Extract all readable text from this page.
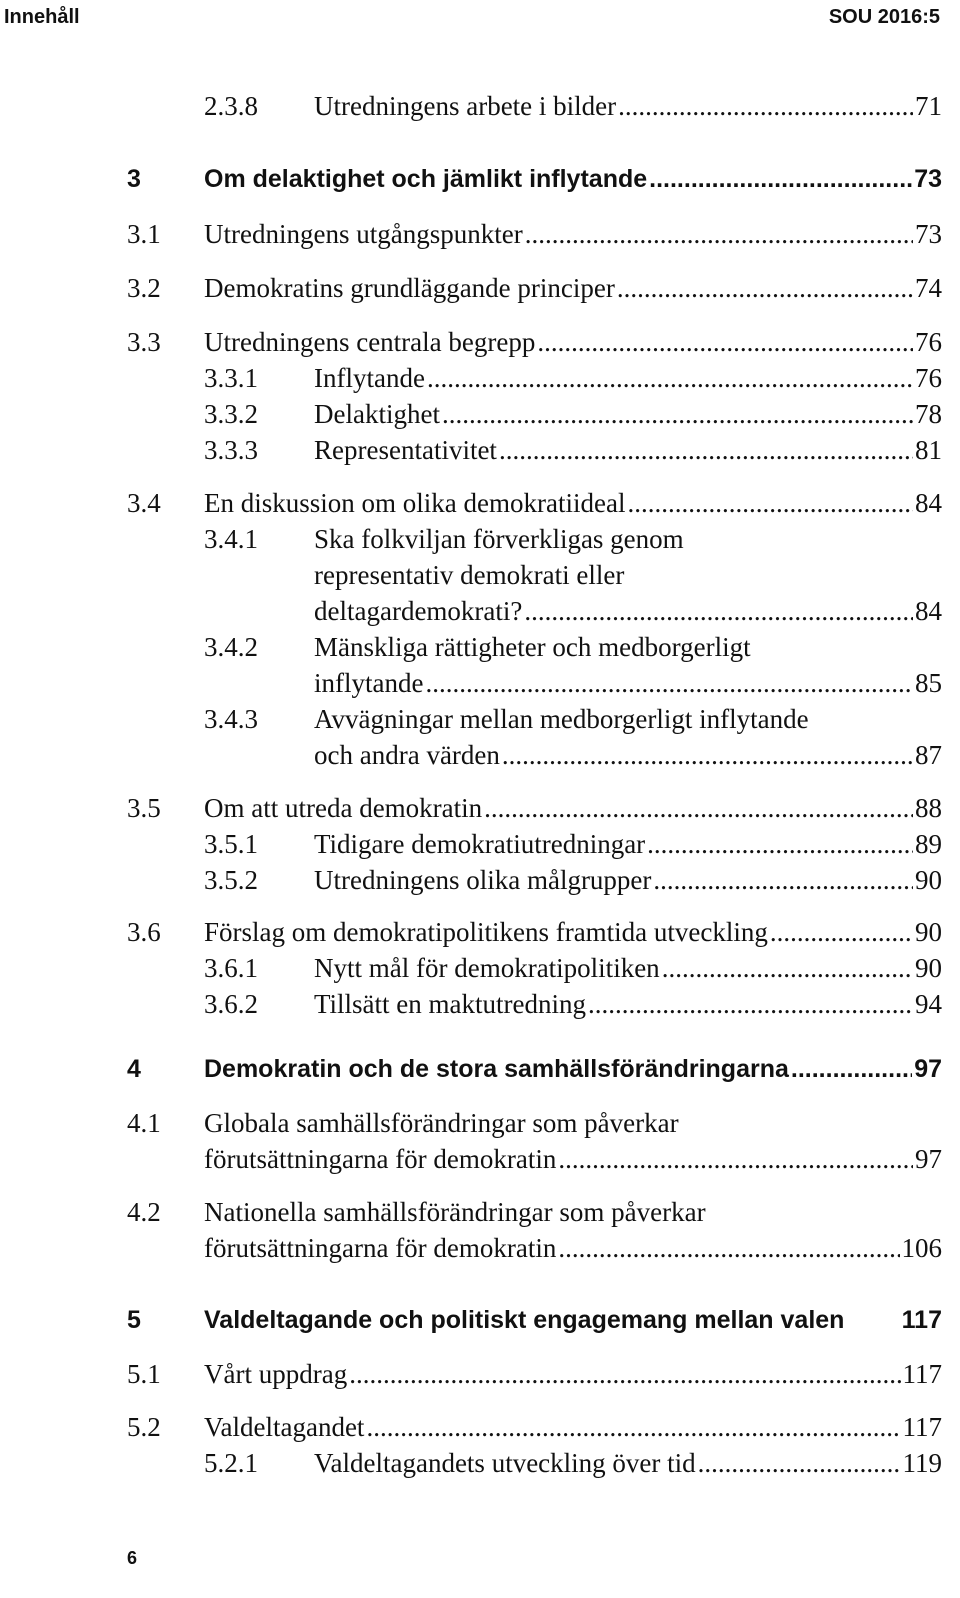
Innehåll	SOU 2016:5
2.3.8 Utredningens arbete i bilder .....	71
3	Om delaktighet och jämlikt inflytande .....	73
3.1 Utredningens utgångspunkter .....	73
3.2 Demokratins grundläggande principer .....	74
3.3 Utredningens centrala begrepp .....	76
3.3.1 Inflytande .....	76
3.3.2 Delaktighet .....	78
3.3.3 Representativitet .....	81
3.4 En diskussion om olika demokratiideal .....	84
3.4.1 Ska folkviljan förverkligas genom
representativ demokrati eller
deltagardemokrati? .....	84
3.4.2 Mänskliga rättigheter och medborgerligt
inflytande .....	85
3.4.3 Avvägningar mellan medborgerligt inflytande
och andra värden .....	87
3.5 Om att utreda demokratin .....	88
3.5.1 Tidigare demokratiutredningar .....	89
3.5.2 Utredningens olika målgrupper .....	90
3.6 Förslag om demokratipolitikens framtida utveckling .....	90
3.6.1 Nytt mål för demokratipolitiken .....	90
3.6.2 Tillsätt en maktutredning .....	94
4	Demokratin och de stora samhällsförändringarna .....	97
4.1 Globala samhällsförändringar som påverkar
förutsättningarna för demokratin .....	97
4.2 Nationella samhällsförändringar som påverkar
förutsättningarna för demokratin .....	106
5	Valdeltagande och politiskt engagemang mellan valen 117
5.1 Vårt uppdrag .....	117
5.2 Valdeltagandet .....	117
5.2.1 Valdeltagandets utveckling över tid .....	119
6
